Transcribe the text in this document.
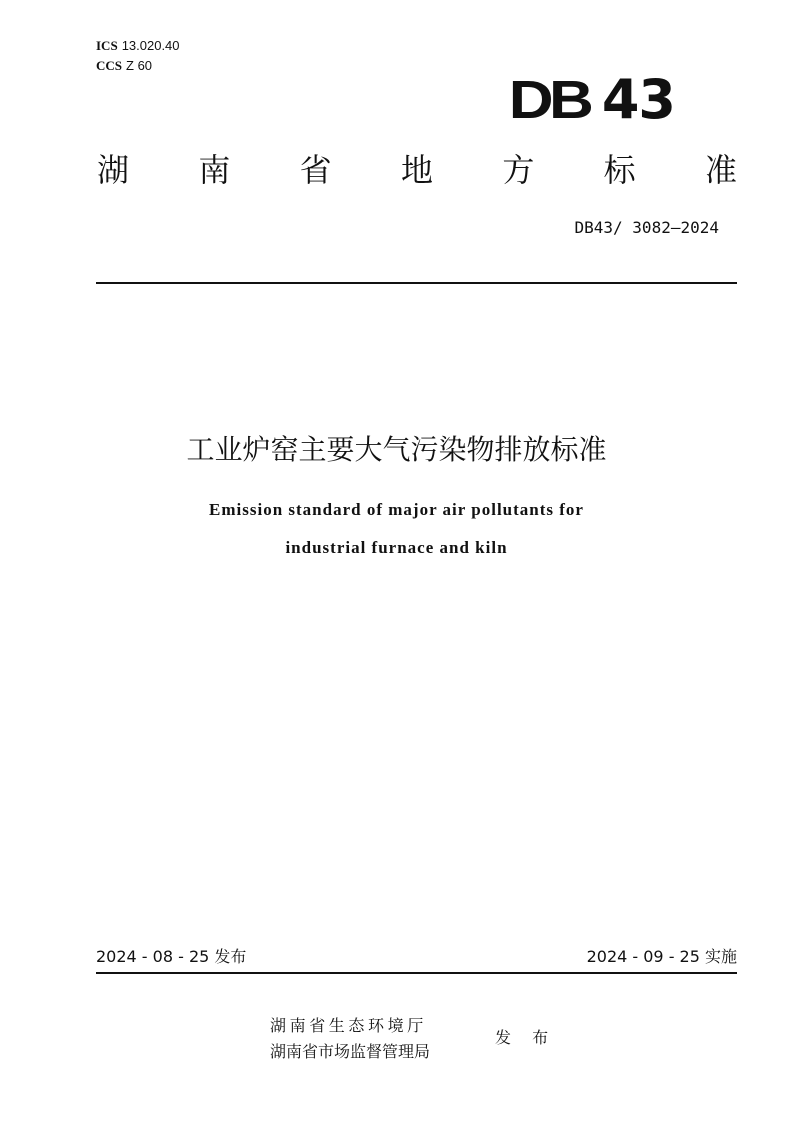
ICS 13.020.40
CCS Z 60
DB 43
湖 南 省 地 方 标 准
DB43/ 3082—2024
工业炉窑主要大气污染物排放标准
Emission standard of major air pollutants for
industrial furnace and kiln
2024 - 08 - 25 发布	2024 - 09 - 25 实施
湖南省生态环境厅
湖南省市场监督管理局
发 布
